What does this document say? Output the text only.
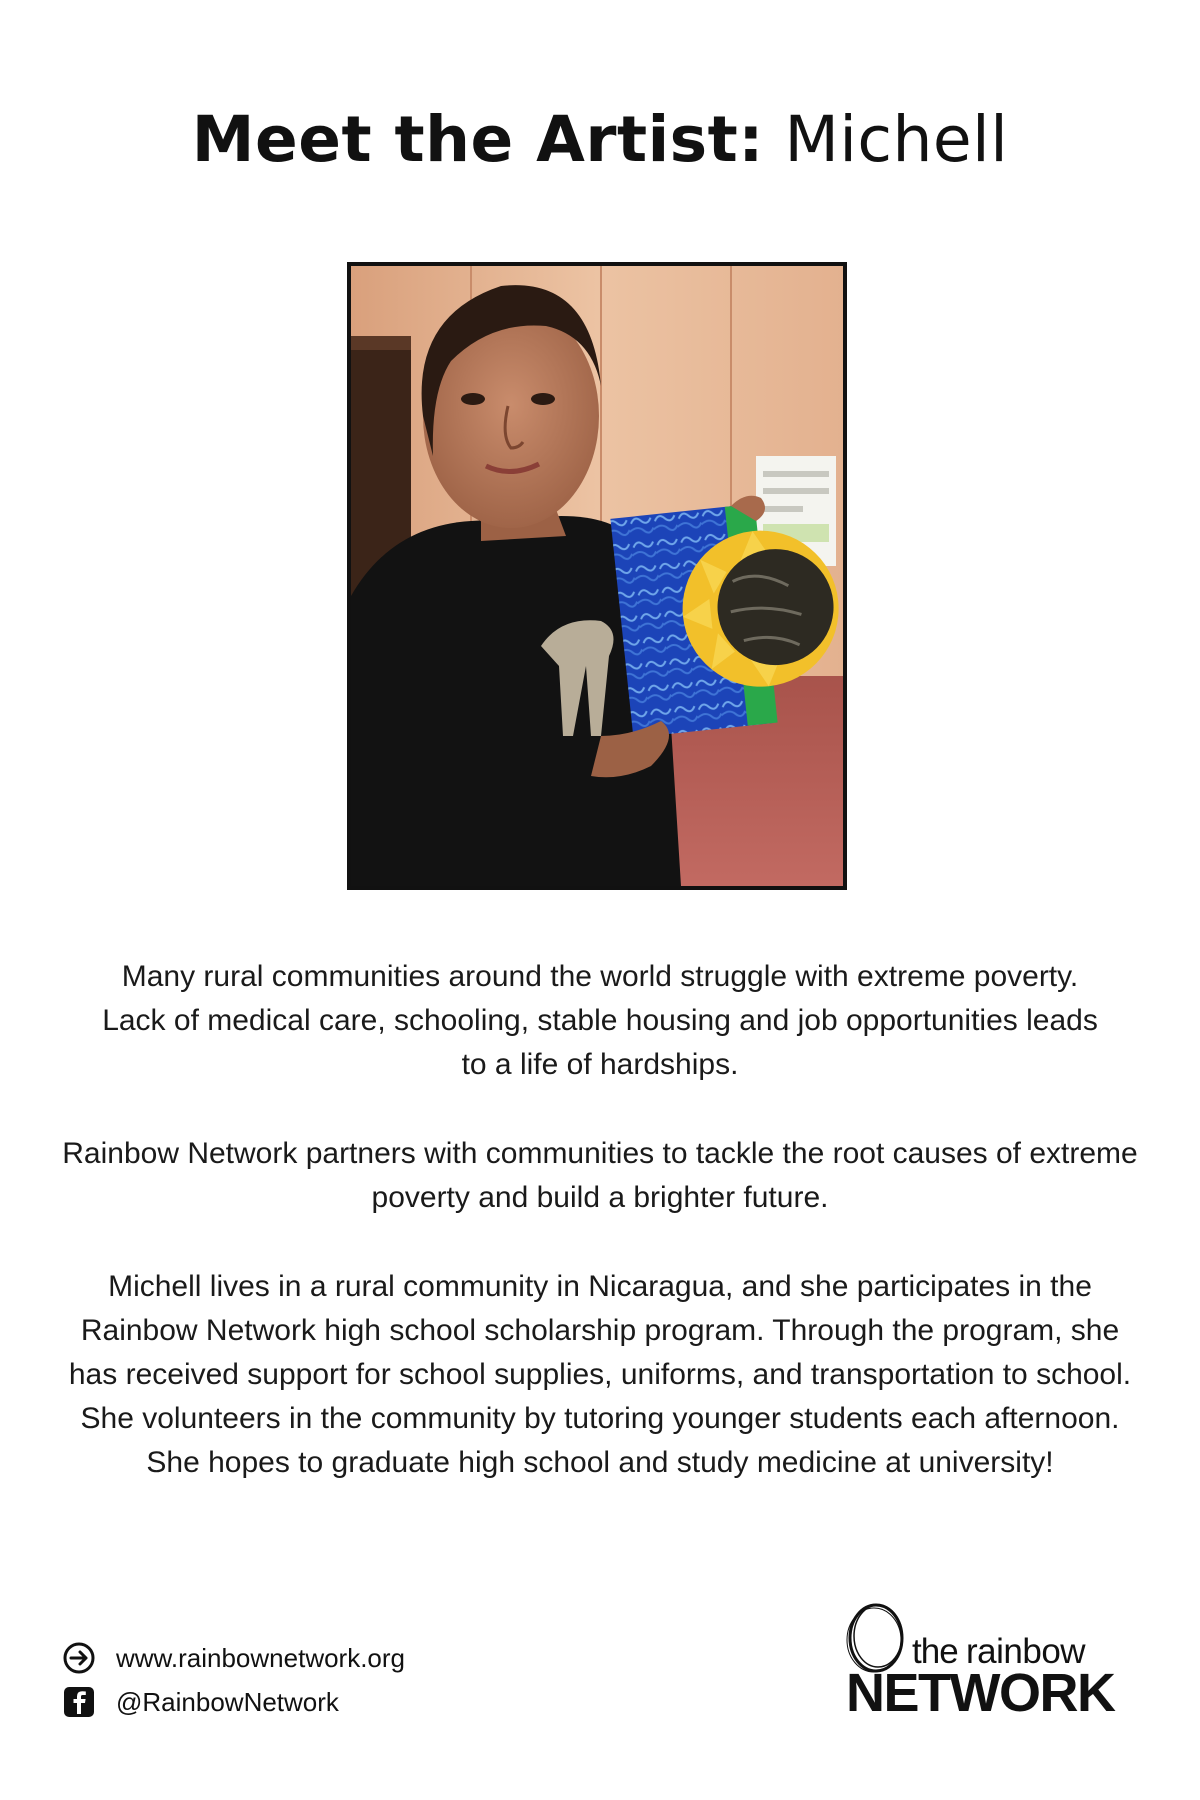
Meet the Artist: Michell
Many rural communities around the world struggle with extreme poverty. Lack of medical care, schooling, stable housing and job opportunities leads to a life of hardships.
Rainbow Network partners with communities to tackle the root causes of extreme poverty and build a brighter future.
Michell lives in a rural community in Nicaragua, and she participates in the Rainbow Network high school scholarship program. Through the program, she has received support for school supplies, uniforms, and transportation to school. She volunteers in the community by tutoring younger students each afternoon. She hopes to graduate high school and study medicine at university!
www.rainbownetwork.org
@RainbowNetwork
the rainbow
NETWORK
